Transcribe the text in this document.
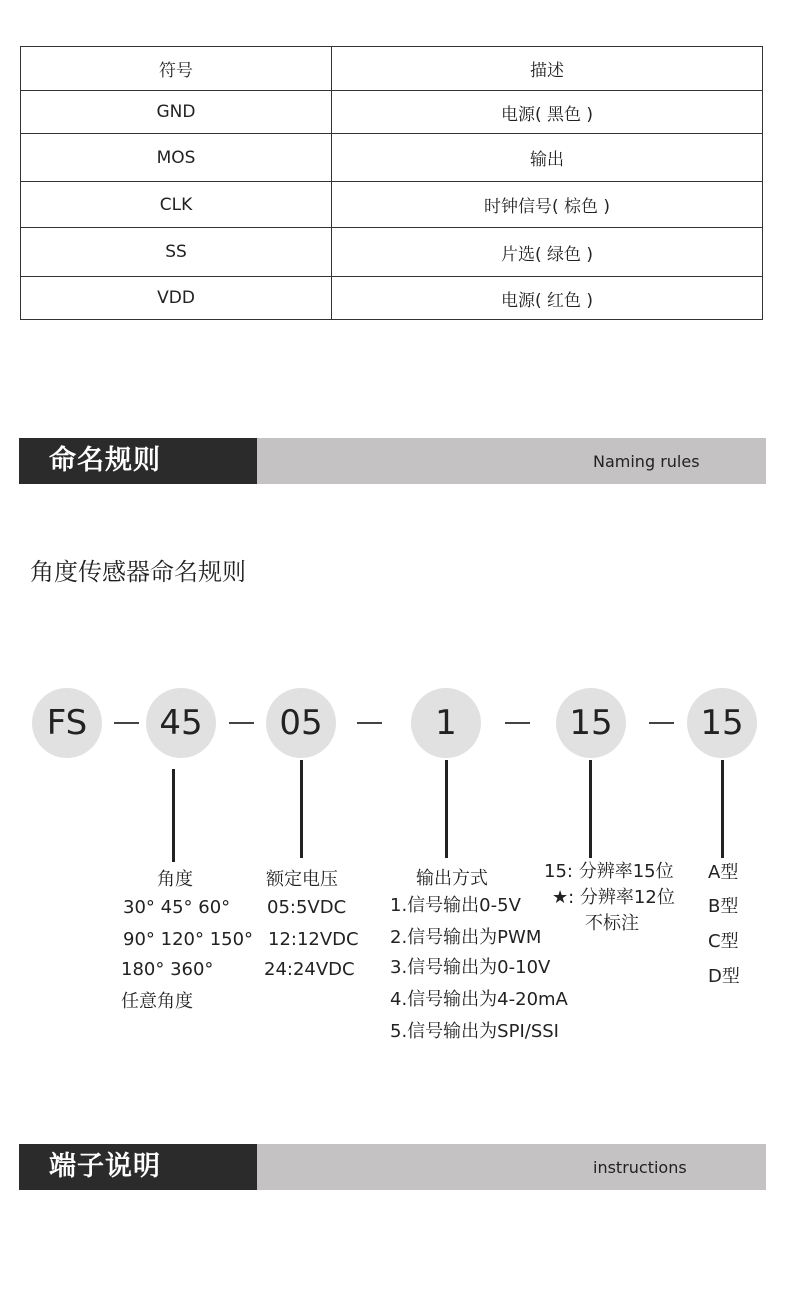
符号	描述
GND	电源( 黑色 )
MOS	输出
CLK	时钟信号( 棕色 )
SS	片选( 绿色 )
VDD	电源( 红色 )
命名规则	Naming rules
角度传感器命名规则
FS	45	05	1	15	15
角度
30° 45° 60°
90° 120° 150°
180° 360°
任意角度
额定电压
05:5VDC
12:12VDC
24:24VDC
输出方式
1.信号输出0-5V
2.信号输出为PWM
3.信号输出为0-10V
4.信号输出为4-20mA
5.信号输出为SPI/SSI
15: 分辨率15位
★: 分辨率12位
不标注
A型
B型
C型
D型
端子说明	instructions
